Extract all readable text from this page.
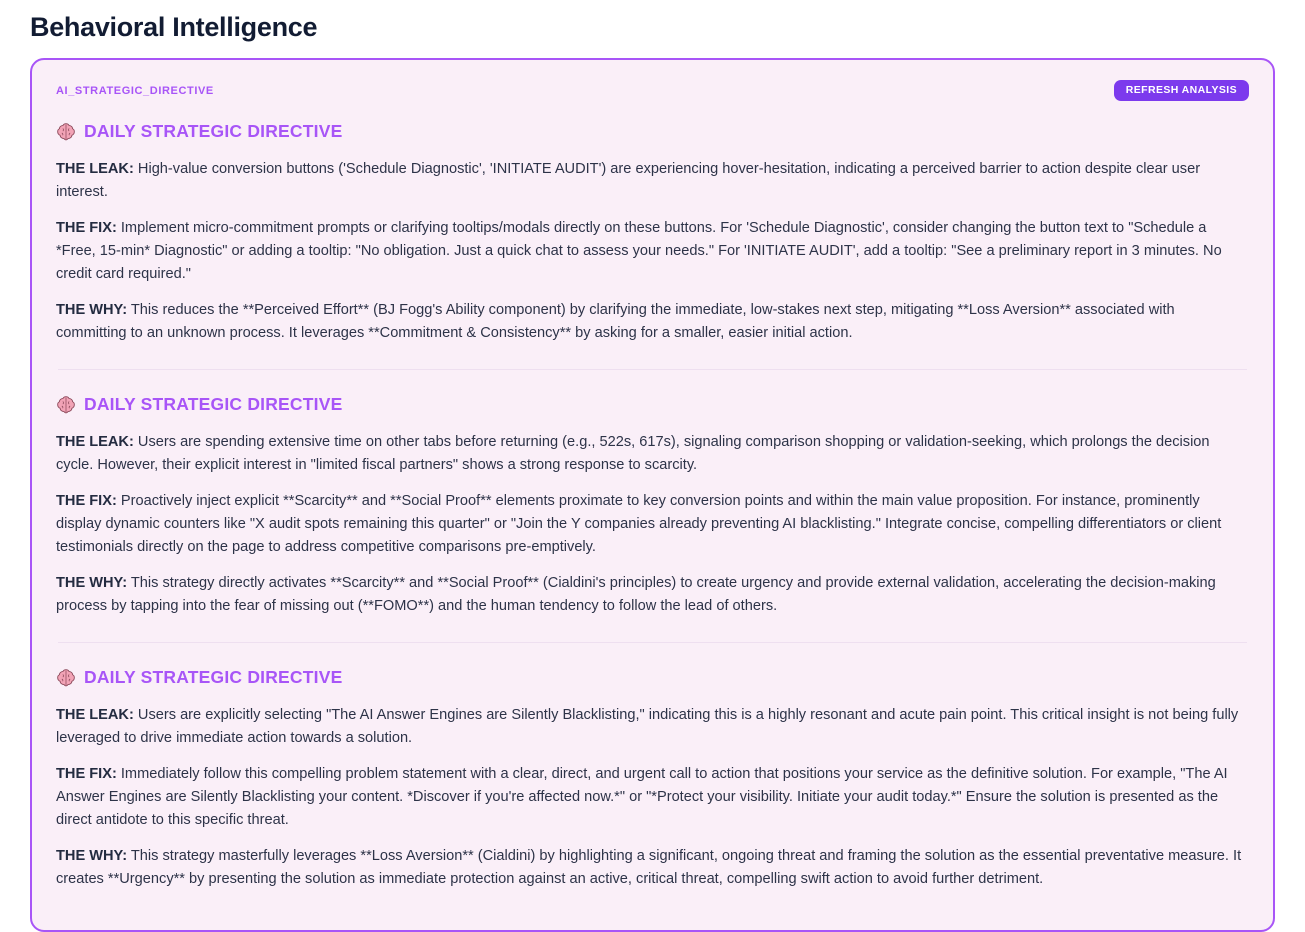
Behavioral Intelligence
AI_STRATEGIC_DIRECTIVE	REFRESH ANALYSIS
DAILY STRATEGIC DIRECTIVE

THE LEAK: High-value conversion buttons ('Schedule Diagnostic', 'INITIATE AUDIT') are experiencing hover-hesitation, indicating a perceived barrier to action despite clear user interest.

THE FIX: Implement micro-commitment prompts or clarifying tooltips/modals directly on these buttons. For 'Schedule Diagnostic', consider changing the button text to "Schedule a *Free, 15-min* Diagnostic" or adding a tooltip: "No obligation. Just a quick chat to assess your needs." For 'INITIATE AUDIT', add a tooltip: "See a preliminary report in 3 minutes. No credit card required."

THE WHY: This reduces the **Perceived Effort** (BJ Fogg's Ability component) by clarifying the immediate, low-stakes next step, mitigating **Loss Aversion** associated with committing to an unknown process. It leverages **Commitment & Consistency** by asking for a smaller, easier initial action.

DAILY STRATEGIC DIRECTIVE

THE LEAK: Users are spending extensive time on other tabs before returning (e.g., 522s, 617s), signaling comparison shopping or validation-seeking, which prolongs the decision cycle. However, their explicit interest in "limited fiscal partners" shows a strong response to scarcity.

THE FIX: Proactively inject explicit **Scarcity** and **Social Proof** elements proximate to key conversion points and within the main value proposition. For instance, prominently display dynamic counters like "X audit spots remaining this quarter" or "Join the Y companies already preventing AI blacklisting." Integrate concise, compelling differentiators or client testimonials directly on the page to address competitive comparisons pre-emptively.

THE WHY: This strategy directly activates **Scarcity** and **Social Proof** (Cialdini's principles) to create urgency and provide external validation, accelerating the decision-making process by tapping into the fear of missing out (**FOMO**) and the human tendency to follow the lead of others.

DAILY STRATEGIC DIRECTIVE

THE LEAK: Users are explicitly selecting "The AI Answer Engines are Silently Blacklisting," indicating this is a highly resonant and acute pain point. This critical insight is not being fully leveraged to drive immediate action towards a solution.

THE FIX: Immediately follow this compelling problem statement with a clear, direct, and urgent call to action that positions your service as the definitive solution. For example, "The AI Answer Engines are Silently Blacklisting your content. *Discover if you're affected now.*" or "*Protect your visibility. Initiate your audit today.*" Ensure the solution is presented as the direct antidote to this specific threat.

THE WHY: This strategy masterfully leverages **Loss Aversion** (Cialdini) by highlighting a significant, ongoing threat and framing the solution as the essential preventative measure. It creates **Urgency** by presenting the solution as immediate protection against an active, critical threat, compelling swift action to avoid further detriment.
